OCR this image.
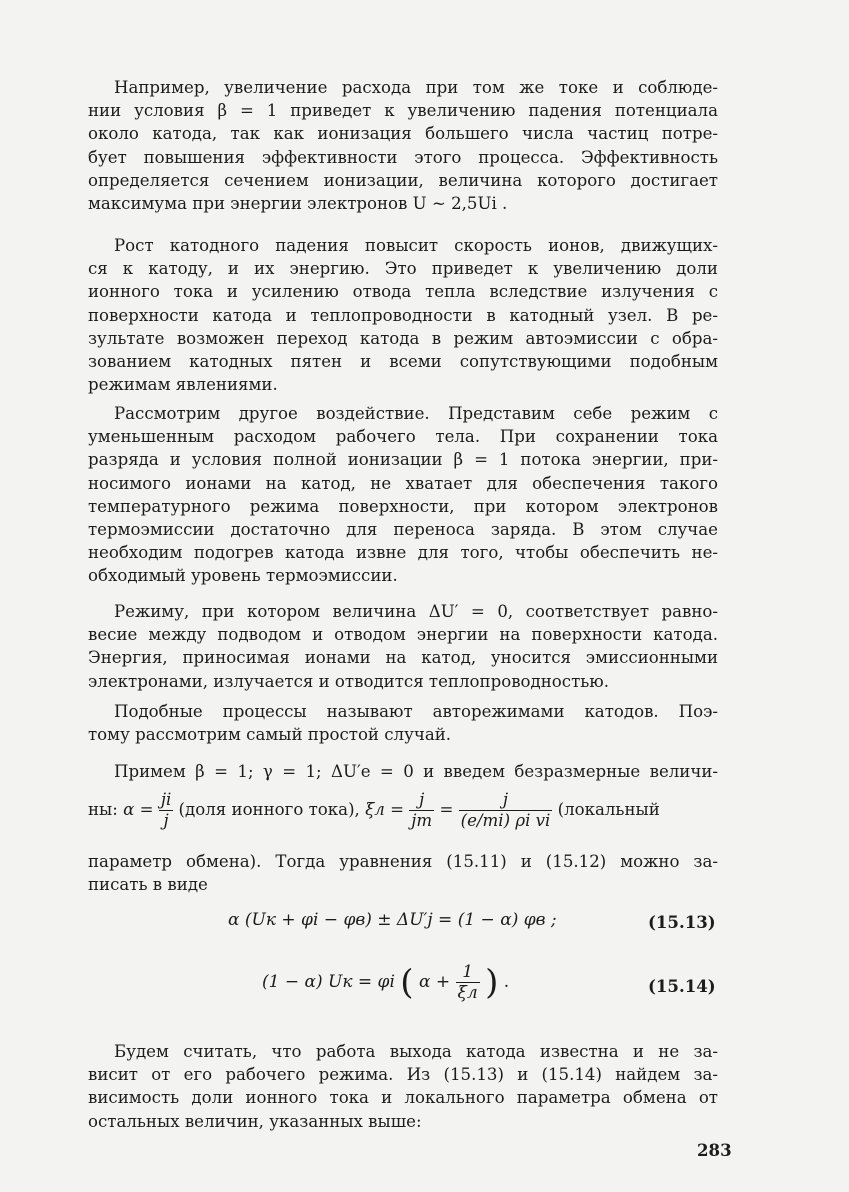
Например, увеличение расхода при том же токе и соблюде-
нии условия β = 1 приведет к увеличению падения потенциала
около катода, так как ионизация большего числа частиц потре-
бует повышения эффективности этого процесса. Эффективность
определяется сечением ионизации, величина которого достигает
максимума при энергии электронов U ~ 2,5Ui .
Рост катодного падения повысит скорость ионов, движущих-
ся к катоду, и их энергию. Это приведет к увеличению доли
ионного тока и усилению отвода тепла вследствие излучения с
поверхности катода и теплопроводности в катодный узел. В ре-
зультате возможен переход катода в режим автоэмиссии с обра-
зованием катодных пятен и всеми сопутствующими подобным
режимам явлениями.
Рассмотрим другое воздействие. Представим себе режим с
уменьшенным расходом рабочего тела. При сохранении тока
разряда и условия полной ионизации β = 1 потока энергии, при-
носимого ионами на катод, не хватает для обеспечения такого
температурного режима поверхности, при котором электронов
термоэмиссии достаточно для переноса заряда. В этом случае
необходим подогрев катода извне для того, чтобы обеспечить не-
обходимый уровень термоэмиссии.
Режиму, при котором величина ΔU′ = 0, соответствует равно-
весие между подводом и отводом энергии на поверхности катода.
Энергия, приносимая ионами на катод, уносится эмиссионными
электронами, излучается и отводится теплопроводностью.
Подобные процессы называют авторежимами катодов. Поэ-
тому рассмотрим самый простой случай.
Примем β = 1; γ = 1; ΔU′e = 0 и введем безразмерные величи-
ны: $\alpha = \frac{ji}{j}$ (доля ионного тока), $\xi л = \frac{j}{jm} = \frac{j}{\text{(e/mi) ρi vi}}$ (локальный
параметр обмена). Тогда уравнения (15.11) и (15.12) можно за-
писать в виде
α (Uк + φi − φв) ± ΔU′j = (1 − α) φв ;	(15.13)
(1 − α) Uк = φi ( $\alpha + \frac{1}{\xi л}$ ) .	(15.14)
Будем считать, что работа выхода катода известна и не за-
висит от его рабочего режима. Из (15.13) и (15.14) найдем за-
висимость доли ионного тока и локального параметра обмена от
остальных величин, указанных выше:
283
